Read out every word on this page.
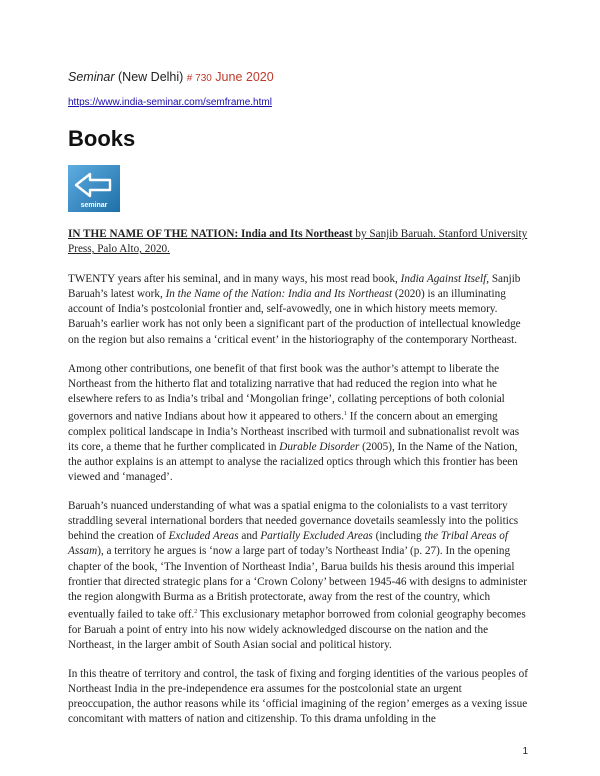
Seminar (New Delhi) # 730 June 2020
https://www.india-seminar.com/semframe.html
Books
seminar

IN THE NAME OF THE NATION: India and Its Northeast by Sanjib Baruah. Stanford University Press, Palo Alto, 2020.

TWENTY years after his seminal, and in many ways, his most read book, India Against Itself, Sanjib Baruah’s latest work, In the Name of the Nation: India and Its Northeast (2020) is an illuminating account of India’s postcolonial frontier and, self-avowedly, one in which history meets memory. Baruah’s earlier work has not only been a significant part of the production of intellectual knowledge on the region but also remains a ‘critical event’ in the historiography of the contemporary Northeast.

Among other contributions, one benefit of that first book was the author’s attempt to liberate the Northeast from the hitherto flat and totalizing narrative that had reduced the region into what he elsewhere refers to as India’s tribal and ‘Mongolian fringe’, collating perceptions of both colonial governors and native Indians about how it appeared to others.$^1$ If the concern about an emerging complex political landscape in India’s Northeast inscribed with turmoil and subnationalist revolt was its core, a theme that he further complicated in Durable Disorder (2005), In the Name of the Nation, the author explains is an attempt to analyse the racialized optics through which this frontier has been viewed and ‘managed’.

Baruah’s nuanced understanding of what was a spatial enigma to the colonialists to a vast territory straddling several international borders that needed governance dovetails seamlessly into the politics behind the creation of Excluded Areas and Partially Excluded Areas (including the Tribal Areas of Assam), a territory he argues is ‘now a large part of today’s Northeast India’ (p. 27). In the opening chapter of the book, ‘The Invention of Northeast India’, Barua builds his thesis around this imperial frontier that directed strategic plans for a ‘Crown Colony’ between 1945-46 with designs to administer the region alongwith Burma as a British protectorate, away from the rest of the country, which eventually failed to take off.$^2$ This exclusionary metaphor borrowed from colonial geography becomes for Baruah a point of entry into his now widely acknowledged discourse on the nation and the Northeast, in the larger ambit of South Asian social and political history.

In this theatre of territory and control, the task of fixing and forging identities of the various peoples of Northeast India in the pre-independence era assumes for the postcolonial state an urgent preoccupation, the author reasons while its ‘official imagining of the region’ emerges as a vexing issue concomitant with matters of nation and citizenship. To this drama unfolding in the

1
